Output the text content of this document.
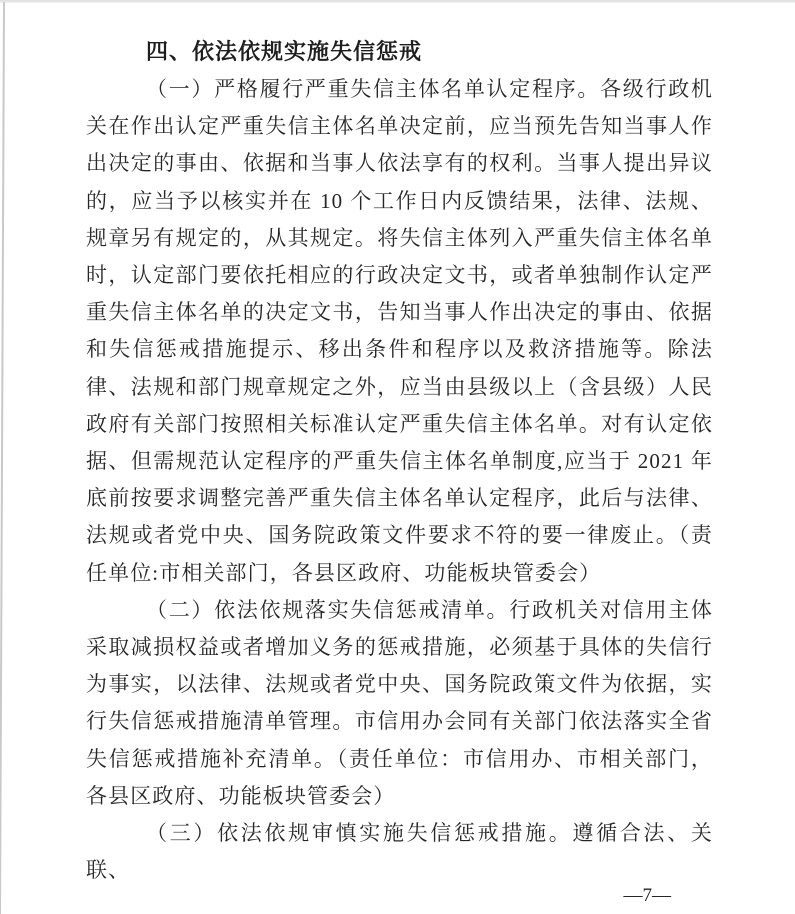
四、依法依规实施失信惩戒

（一）严格履行严重失信主体名单认定程序。各级行政机关在作出认定严重失信主体名单决定前，应当预先告知当事人作出决定的事由、依据和当事人依法享有的权利。当事人提出异议的，应当予以核实并在 10 个工作日内反馈结果，法律、法规、规章另有规定的，从其规定。将失信主体列入严重失信主体名单时，认定部门要依托相应的行政决定文书，或者单独制作认定严重失信主体名单的决定文书，告知当事人作出决定的事由、依据和失信惩戒措施提示、移出条件和程序以及救济措施等。除法律、法规和部门规章规定之外，应当由县级以上（含县级）人民政府有关部门按照相关标准认定严重失信主体名单。对有认定依据、但需规范认定程序的严重失信主体名单制度,应当于 2021 年底前按要求调整完善严重失信主体名单认定程序，此后与法律、法规或者党中央、国务院政策文件要求不符的要一律废止。（责任单位:市相关部门，各县区政府、功能板块管委会）

（二）依法依规落实失信惩戒清单。行政机关对信用主体采取减损权益或者增加义务的惩戒措施，必须基于具体的失信行为事实，以法律、法规或者党中央、国务院政策文件为依据，实行失信惩戒措施清单管理。市信用办会同有关部门依法落实全省失信惩戒措施补充清单。（责任单位：市信用办、市相关部门，各县区政府、功能板块管委会）

（三）依法依规审慎实施失信惩戒措施。遵循合法、关联、

—7—
